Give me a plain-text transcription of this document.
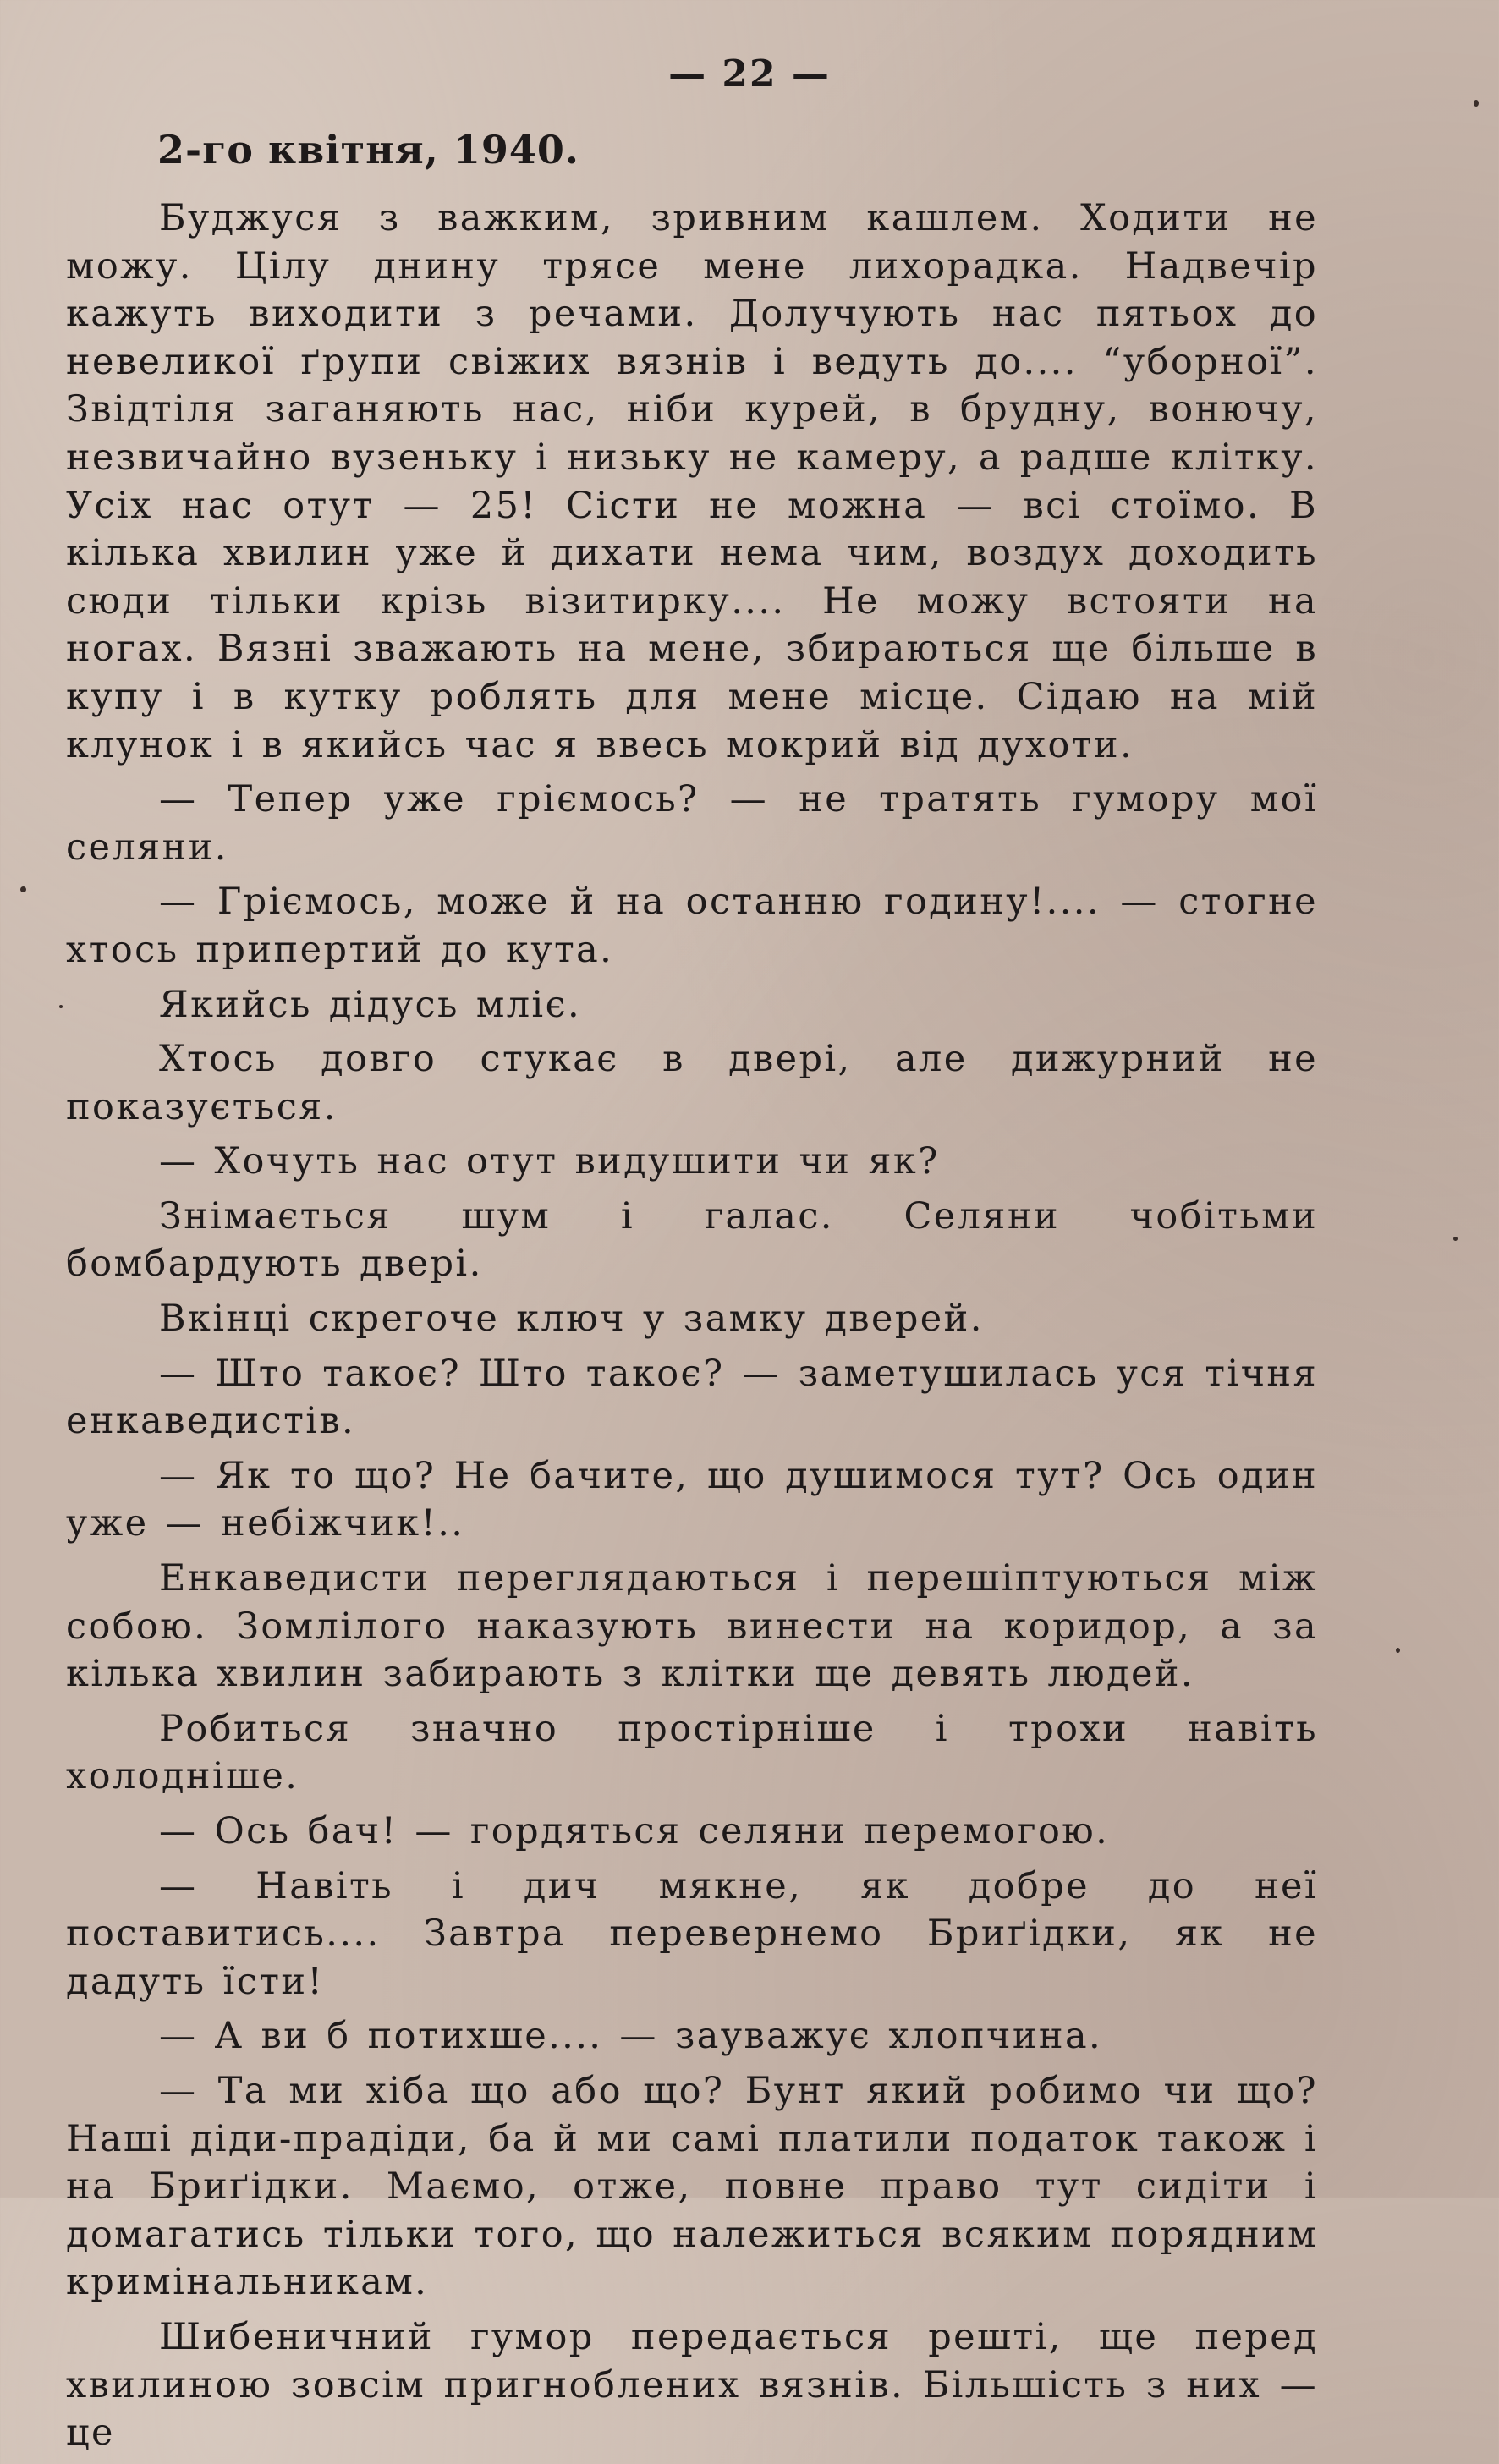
— 22 —
2-го квітня, 1940.

Буджуся з важким, зривним кашлем. Ходити не можу. Цілу днину трясе мене лихорадка. Надвечір кажуть виходити з речами. Долучують нас пятьох до невеликої ґрупи свіжих вязнів і ведуть до.... “уборної”. Звідтіля заганяють нас, ніби курей, в брудну, вонючу, незвичайно вузеньку і низьку не камеру, а радше клітку. Усіх нас отут — 25! Сісти не можна — всі стоїмо. В кілька хвилин уже й дихати нема чим, воздух доходить сюди тільки крізь візитирку.... Не можу встояти на ногах. Вязні зважають на мене, збираються ще більше в купу і в кутку роблять для мене місце. Сідаю на мій клунок і в якийсь час я ввесь мокрий від духоти.

— Тепер уже гріємось? — не тратять гумору мої селяни.

— Гріємось, може й на останню годину!.... — стогне хтось припертий до кута.

Якийсь дідусь мліє.

Хтось довго стукає в двері, але дижурний не показується.

— Хочуть нас отут видушити чи як?

Знімається шум і галас. Селяни чобітьми бомбардують двері.

Вкінці скрегоче ключ у замку дверей.

— Што такоє? Што такоє? — заметушилась уся тічня енкаведистів.

— Як то що? Не бачите, що душимося тут? Ось один уже — небіжчик!..

Енкаведисти переглядаються і перешіптуються між собою. Зомлілого наказують винести на коридор, а за кілька хвилин забирають з клітки ще девять людей.

Робиться значно простірніше і трохи навіть холодніше.

— Ось бач! — гордяться селяни перемогою.

— Навіть і дич мякне, як добре до неї поставитись.... Завтра перевернемо Бриґідки, як не дадуть їсти!

— А ви б потихше.... — зауважує хлопчина.

— Та ми хіба що або що? Бунт який робимо чи що? Наші діди-прадіди, ба й ми самі платили податок також і на Бриґідки. Маємо, отже, повне право тут сидіти і домагатись тільки того, що належиться всяким порядним кримінальникам.

Шибеничний гумор передається решті, ще перед хвилиною зовсім пригноблених вязнів. Більшість з них — це
